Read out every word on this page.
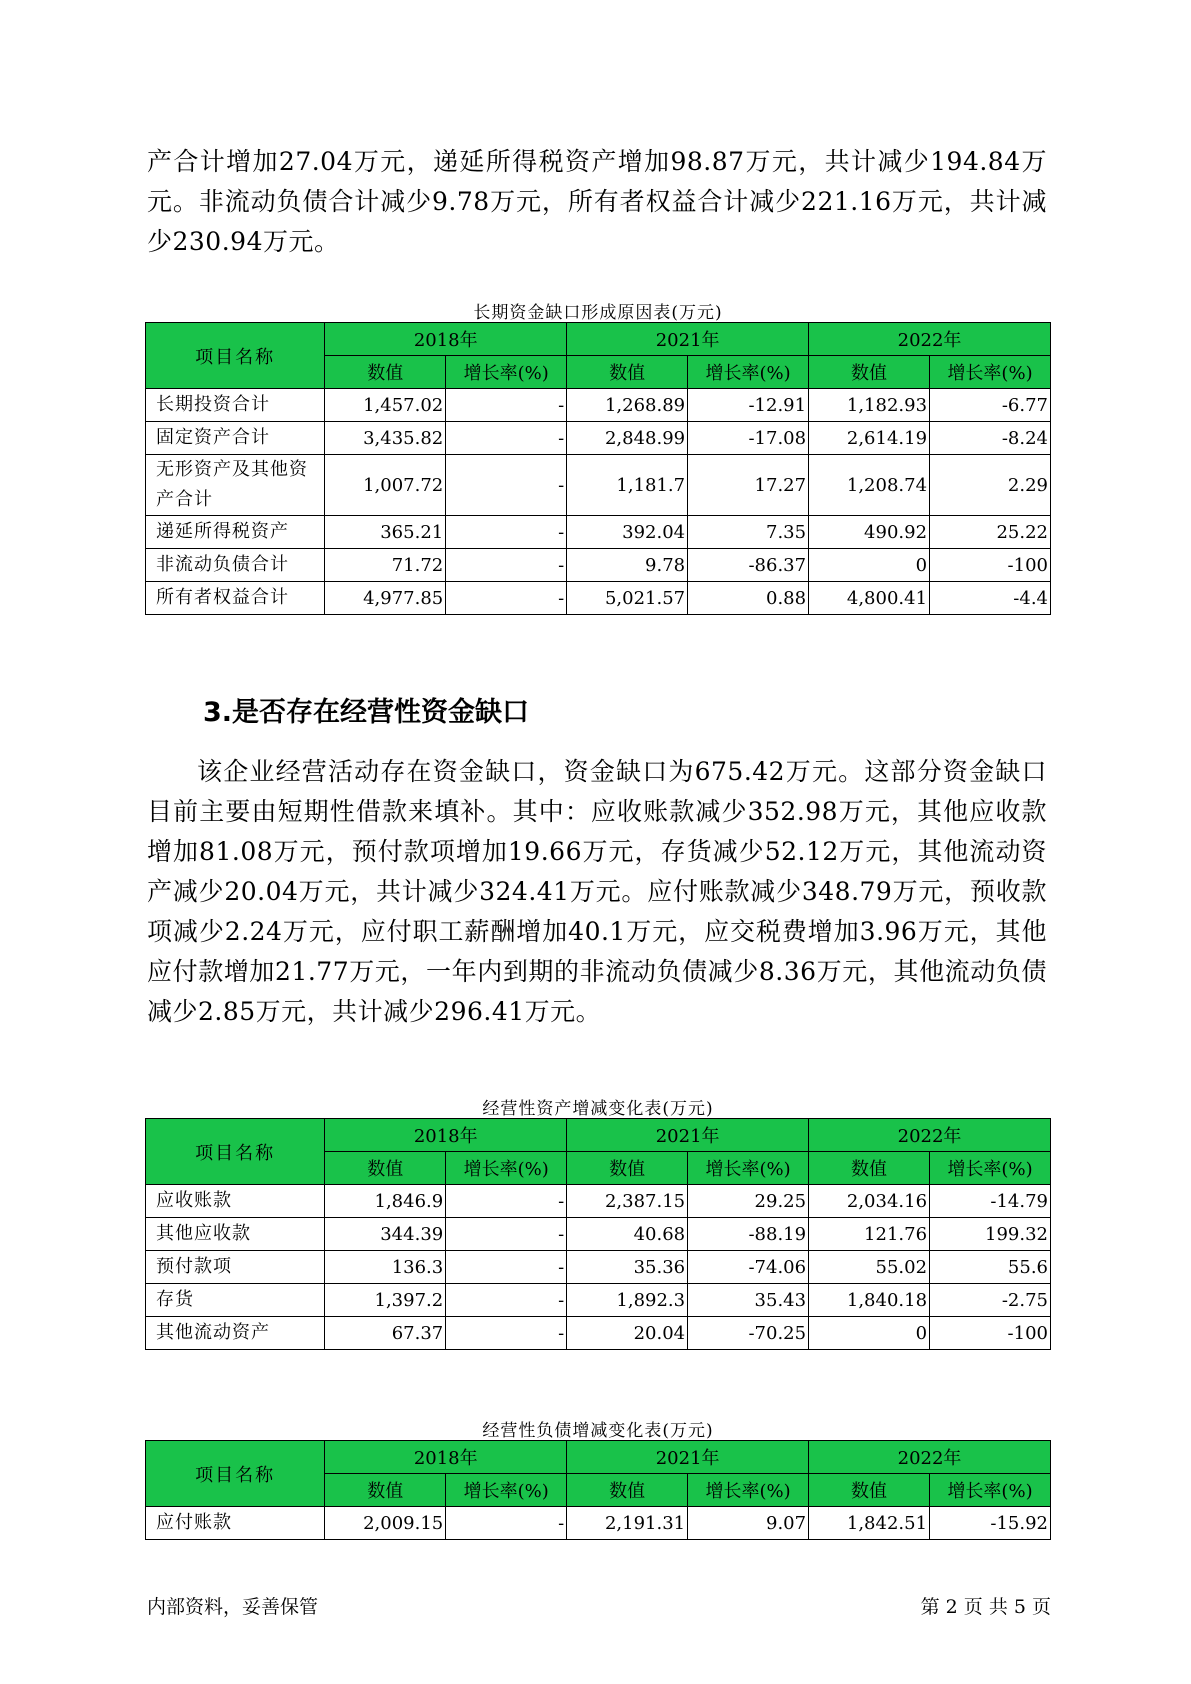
产合计增加27.04万元，递延所得税资产增加98.87万元，共计减少194.84万元。非流动负债合计减少9.78万元，所有者权益合计减少221.16万元，共计减少230.94万元。

长期资金缺口形成原因表(万元)
项目名称	2018年		2021年		2022年	
	数值	增长率(%)	数值	增长率(%)	数值	增长率(%)
长期投资合计	1,457.02	-	1,268.89	-12.91	1,182.93	-6.77
固定资产合计	3,435.82	-	2,848.99	-17.08	2,614.19	-8.24
无形资产及其他资产合计	1,007.72	-	1,181.7	17.27	1,208.74	2.29
递延所得税资产	365.21	-	392.04	7.35	490.92	25.22
非流动负债合计	71.72	-	9.78	-86.37	0	-100
所有者权益合计	4,977.85	-	5,021.57	0.88	4,800.41	-4.4
3.是否存在经营性资金缺口

该企业经营活动存在资金缺口，资金缺口为675.42万元。这部分资金缺口目前主要由短期性借款来填补。其中：应收账款减少352.98万元，其他应收款增加81.08万元，预付款项增加19.66万元，存货减少52.12万元，其他流动资产减少20.04万元，共计减少324.41万元。应付账款减少348.79万元，预收款项减少2.24万元，应付职工薪酬增加40.1万元，应交税费增加3.96万元，其他应付款增加21.77万元，一年内到期的非流动负债减少8.36万元，其他流动负债减少2.85万元，共计减少296.41万元。

经营性资产增减变化表(万元)
项目名称	2018年		2021年		2022年	
	数值	增长率(%)	数值	增长率(%)	数值	增长率(%)
应收账款	1,846.9	-	2,387.15	29.25	2,034.16	-14.79
其他应收款	344.39	-	40.68	-88.19	121.76	199.32
预付款项	136.3	-	35.36	-74.06	55.02	55.6
存货	1,397.2	-	1,892.3	35.43	1,840.18	-2.75
其他流动资产	67.37	-	20.04	-70.25	0	-100
经营性负债增减变化表(万元)
项目名称	2018年		2021年		2022年	
	数值	增长率(%)	数值	增长率(%)	数值	增长率(%)
应付账款	2,009.15	-	2,191.31	9.07	1,842.51	-15.92
内部资料，妥善保管	第 2 页 共 5 页
